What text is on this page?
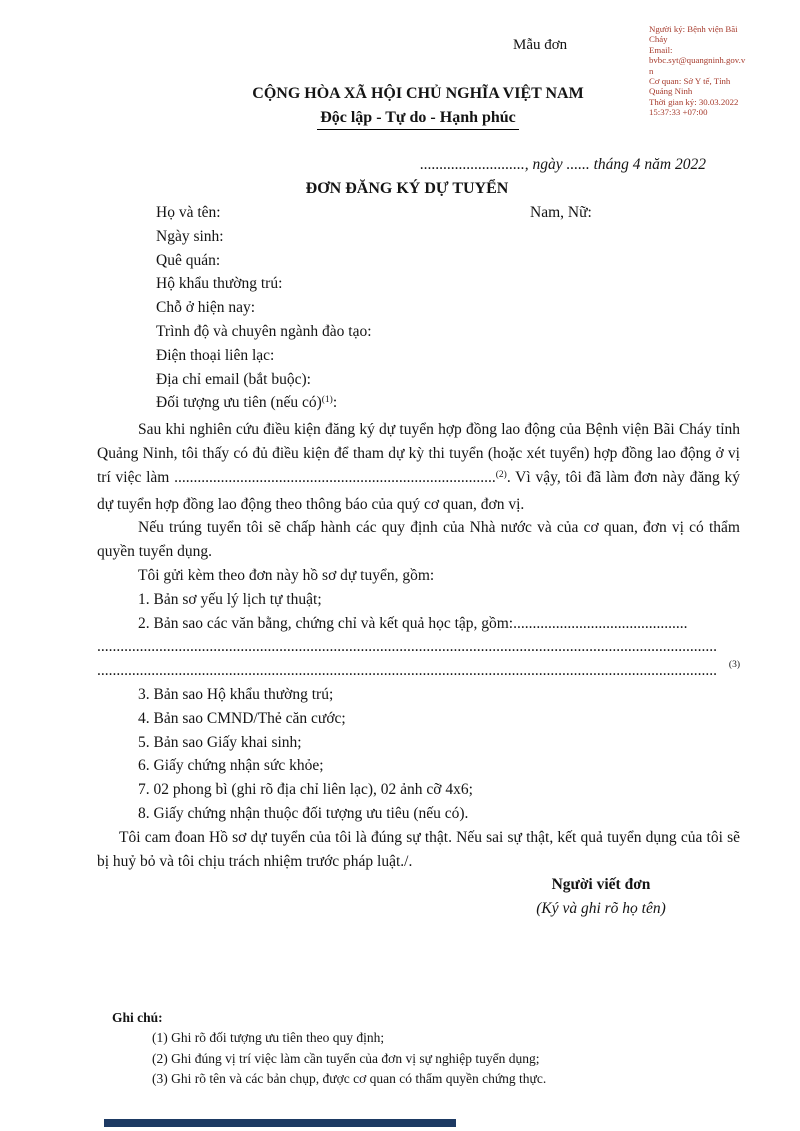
Người ký: Bệnh viện Bãi
Cháy
Email:
bvbc.syt@quangninh.gov.v
n
Cơ quan: Sở Y tế, Tỉnh
Quảng Ninh
Thời gian ký: 30.03.2022
15:37:33 +07:00
Mẫu đơn
CỘNG HÒA XÃ HỘI CHỦ NGHĨA VIỆT NAM
Độc lập - Tự do - Hạnh phúc
..........................., ngày ...... tháng 4 năm 2022
ĐƠN ĐĂNG KÝ DỰ TUYỂN
Họ và tên:	Nam, Nữ:
Ngày sinh:
Quê quán:
Hộ khẩu thường trú:
Chỗ ở hiện nay:
Trình độ và chuyên ngành đào tạo:
Điện thoại liên lạc:
Địa chỉ email (bắt buộc):
Đối tượng ưu tiên (nếu có)$^{(1)}$:

Sau khi nghiên cứu điều kiện đăng ký dự tuyển hợp đồng lao động của Bệnh viện Bãi Cháy tỉnh Quảng Ninh, tôi thấy có đủ điều kiện để tham dự kỳ thi tuyển (hoặc xét tuyển) hợp đồng lao động ở vị trí việc làm ...................................................................................$^{(2)}$. Vì vậy, tôi đã làm đơn này đăng ký dự tuyển hợp đồng lao động theo thông báo của quý cơ quan, đơn vị.

Nếu trúng tuyển tôi sẽ chấp hành các quy định của Nhà nước và của cơ quan, đơn vị có thẩm quyền tuyển dụng.

Tôi gửi kèm theo đơn này hồ sơ dự tuyển, gồm:

1. Bản sơ yếu lý lịch tự thuật;
2. Bản sao các văn bằng, chứng chỉ và kết quả học tập, gồm: .............................................
................................................................................................................................................................
................................................................................................................................................................	(3)
3. Bản sao Hộ khẩu thường trú;
4. Bản sao CMND/Thẻ căn cước;
5. Bản sao Giấy khai sinh;
6. Giấy chứng nhận sức khỏe;
7. 02 phong bì (ghi rõ địa chỉ liên lạc), 02 ảnh cỡ 4x6;
8. Giấy chứng nhận thuộc đối tượng ưu tiêu (nếu có).

Tôi cam đoan Hồ sơ dự tuyển của tôi là đúng sự thật. Nếu sai sự thật, kết quả tuyển dụng của tôi sẽ bị huỷ bỏ và tôi chịu trách nhiệm trước pháp luật./.

Người viết đơn
(Ký và ghi rõ họ tên)
Ghi chú:
(1) Ghi rõ đối tượng ưu tiên theo quy định;
(2) Ghi đúng vị trí việc làm cần tuyển của đơn vị sự nghiệp tuyển dụng;
(3) Ghi rõ tên và các bản chụp, được cơ quan có thẩm quyền chứng thực.
